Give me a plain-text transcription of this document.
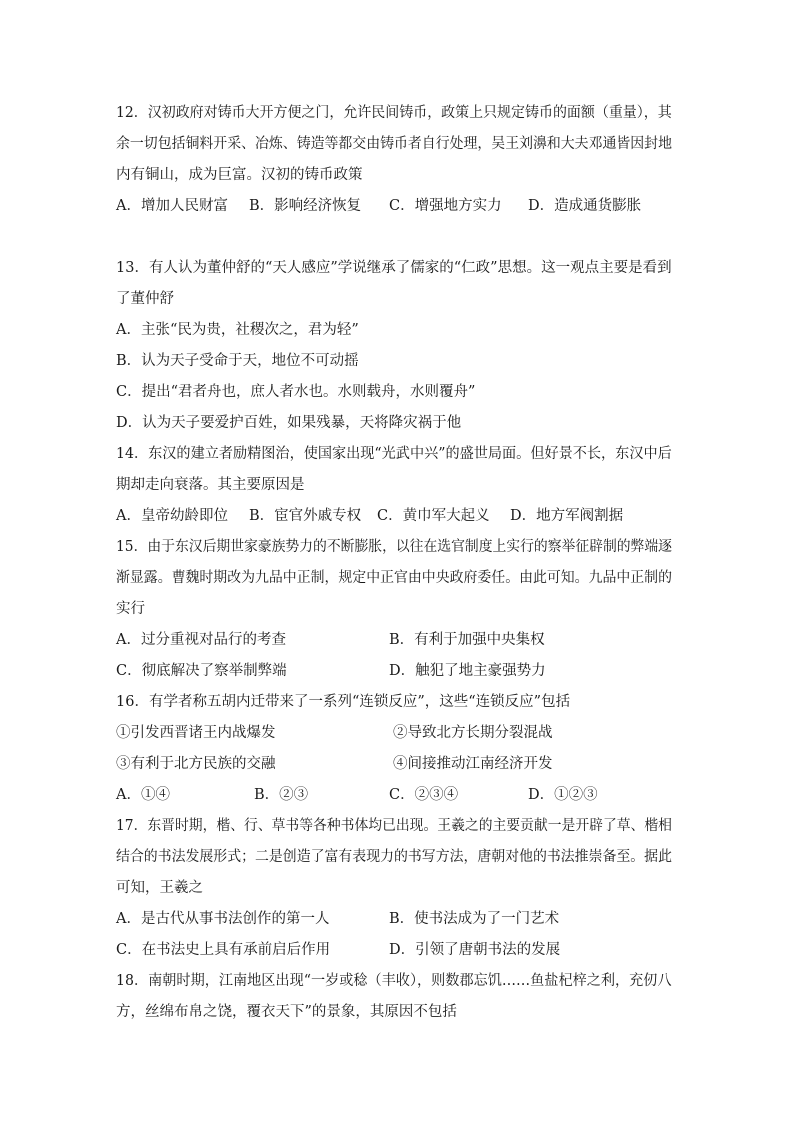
12．汉初政府对铸币大开方便之门，允许民间铸币，政策上只规定铸币的面额（重量），其
余一切包括铜料开采、冶炼、铸造等都交由铸币者自行处理，吴王刘濞和大夫邓通皆因封地
内有铜山，成为巨富。汉初的铸币政策
A．增加人民财富 B．影响经济恢复 C．增强地方实力 D．造成通货膨胀
13．有人认为董仲舒的“天人感应”学说继承了儒家的“仁政”思想。这一观点主要是看到
了董仲舒
A．主张“民为贵，社稷次之，君为轻”
B．认为天子受命于天，地位不可动摇
C．提出“君者舟也，庶人者水也。水则载舟，水则覆舟”
D．认为天子要爱护百姓，如果残暴，天将降灾祸于他
14．东汉的建立者励精图治，使国家出现“光武中兴”的盛世局面。但好景不长，东汉中后
期却走向衰落。其主要原因是
A．皇帝幼龄即位 B．宦官外戚专权 C．黄巾军大起义 D．地方军阀割据
15．由于东汉后期世家豪族势力的不断膨胀，以往在选官制度上实行的察举征辟制的弊端逐
渐显露。曹魏时期改为九品中正制，规定中正官由中央政府委任。由此可知。九品中正制的
实行
A．过分重视对品行的考查	B．有利于加强中央集权
C．彻底解决了察举制弊端	D．触犯了地主豪强势力
16．有学者称五胡内迁带来了一系列“连锁反应”，这些“连锁反应”包括
①引发西晋诸王内战爆发	②导致北方长期分裂混战
③有利于北方民族的交融	④间接推动江南经济开发
A．①④	B．②③	C．②③④	D．①②③
17．东晋时期，楷、行、草书等各种书体均已出现。王羲之的主要贡献一是开辟了草、楷相
结合的书法发展形式；二是创造了富有表现力的书写方法，唐朝对他的书法推崇备至。据此
可知，王羲之
A．是古代从事书法创作的第一人	B．使书法成为了一门艺术
C．在书法史上具有承前启后作用	D．引领了唐朝书法的发展
18．南朝时期，江南地区出现“一岁或稔（丰收），则数郡忘饥……鱼盐杞梓之利，充仞八
方，丝绵布帛之饶，覆衣天下”的景象，其原因不包括
